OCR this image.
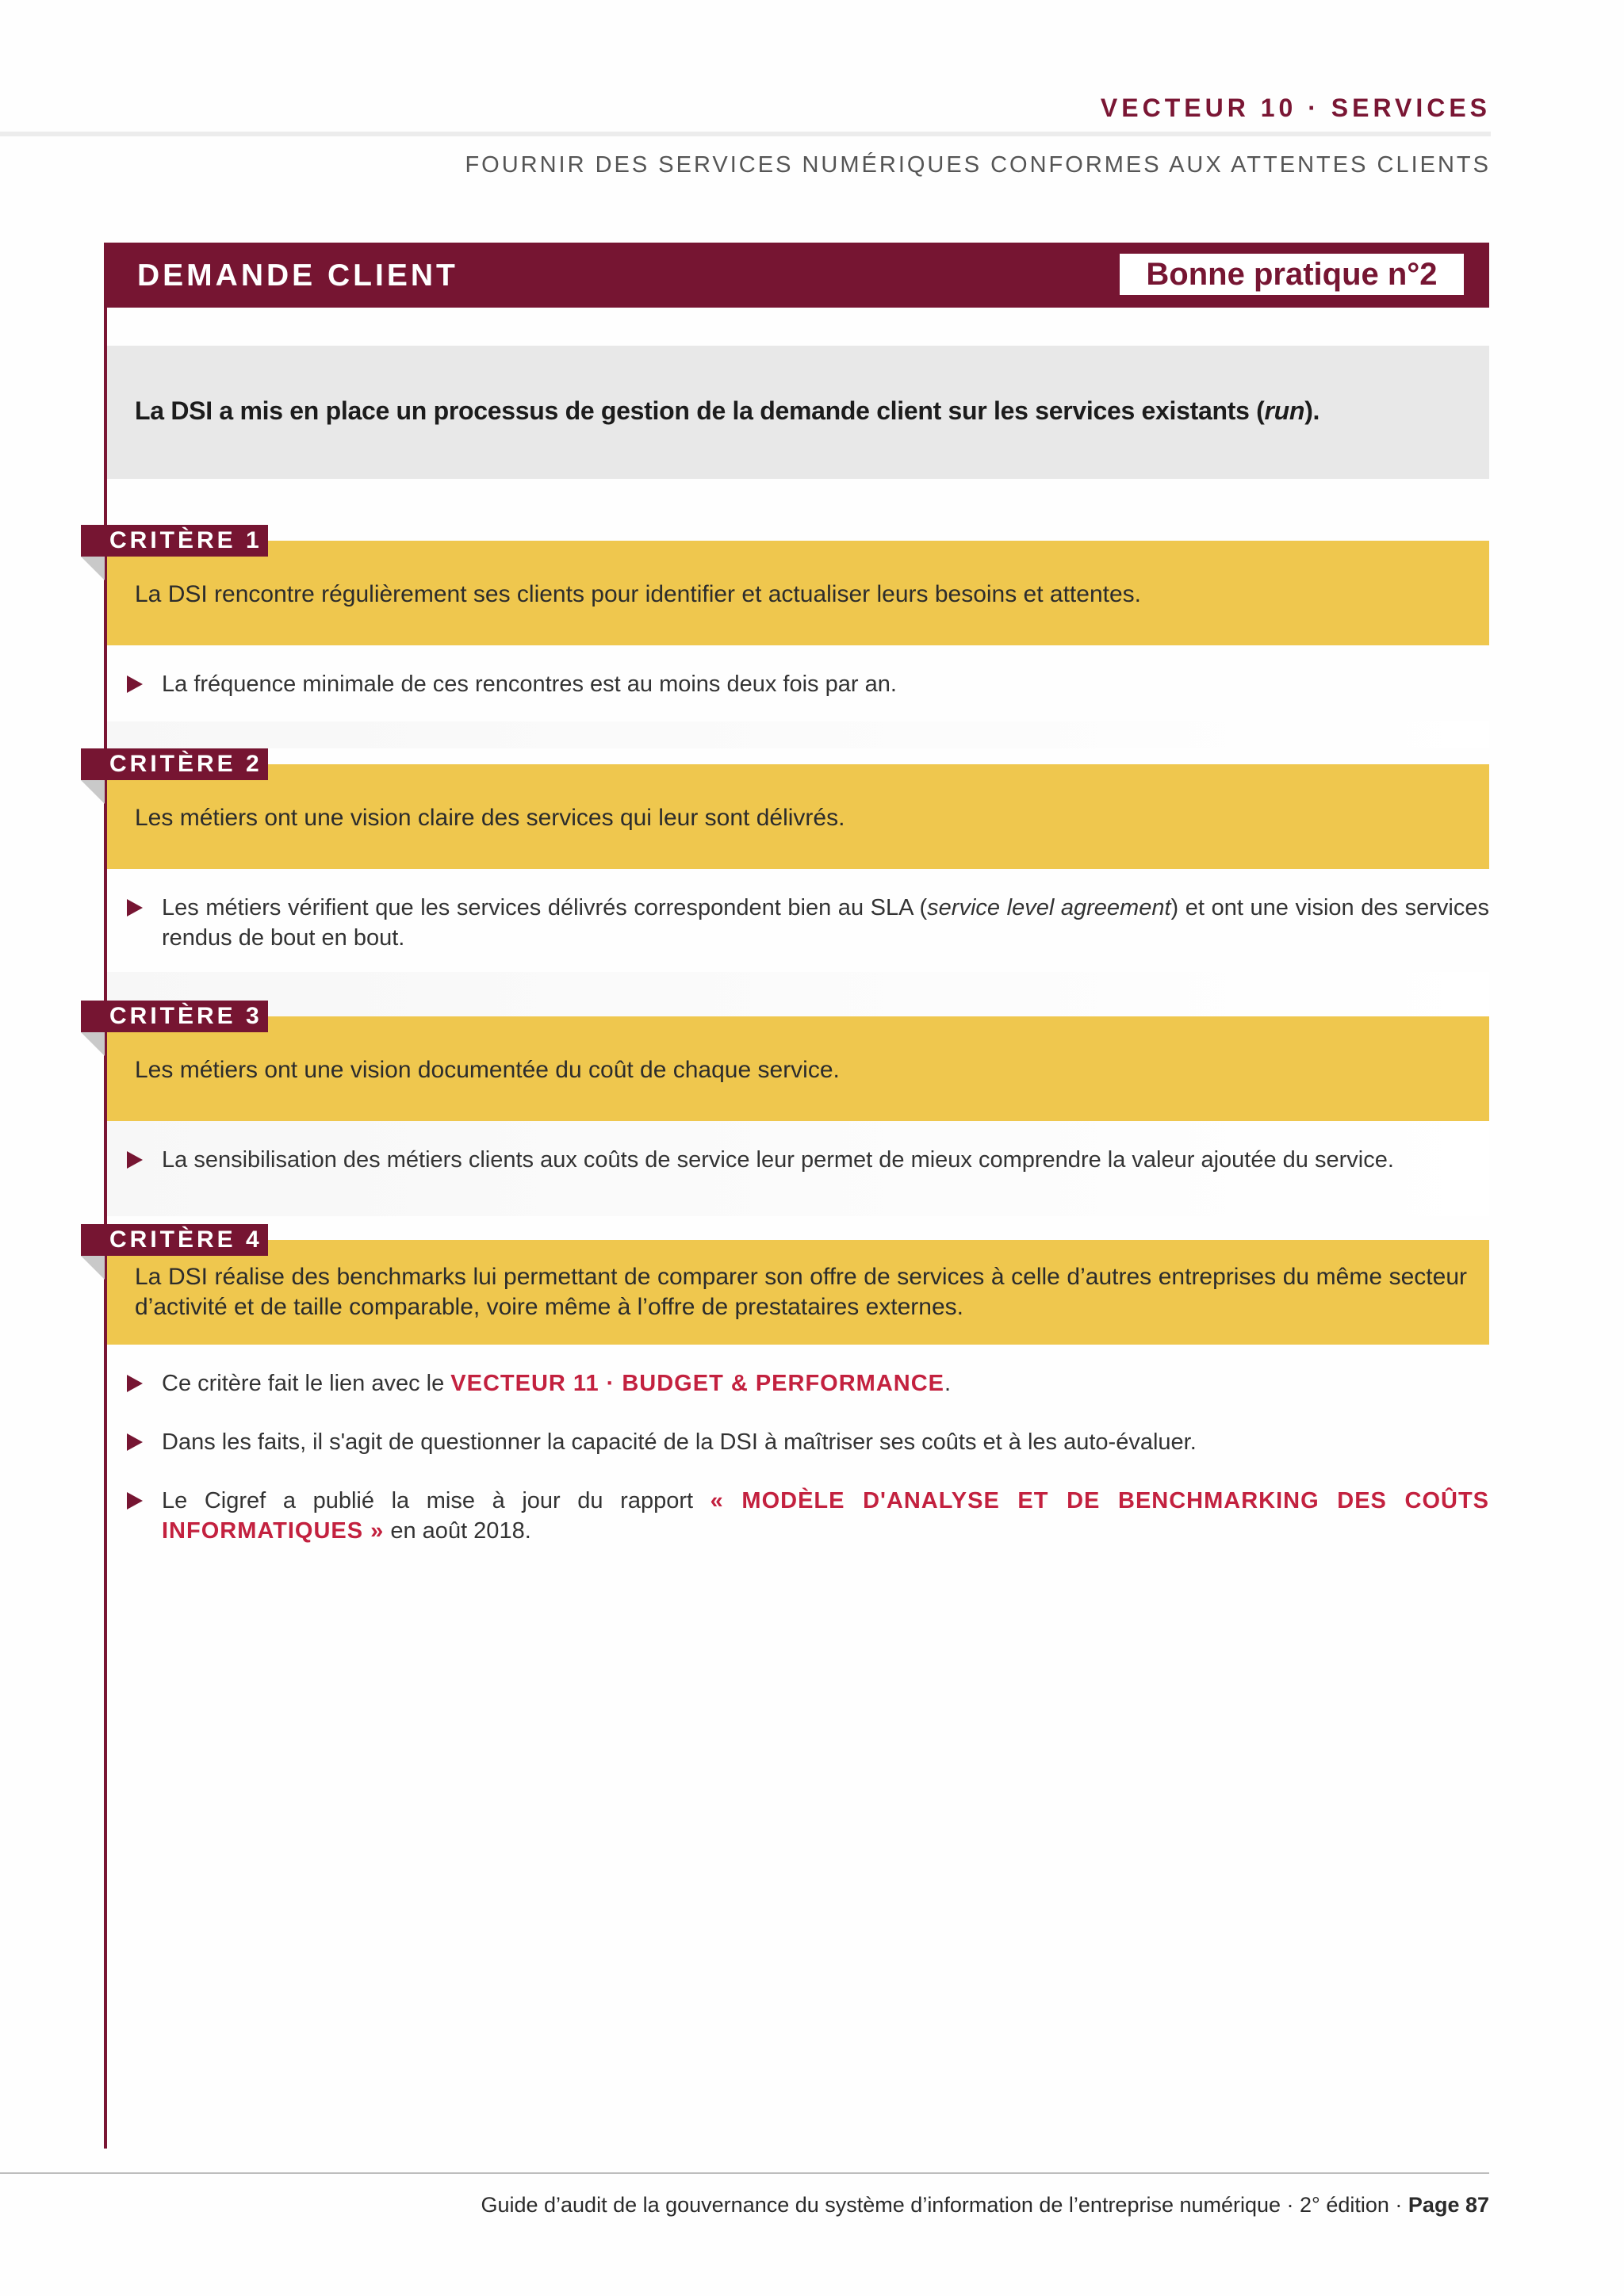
VECTEUR 10 · SERVICES
FOURNIR DES SERVICES NUMÉRIQUES CONFORMES AUX ATTENTES CLIENTS
DEMANDE CLIENT	Bonne pratique n°2
La DSI a mis en place un processus de gestion de la demande client sur les services existants (run).
CRITÈRE 1
La DSI rencontre régulièrement ses clients pour identifier et actualiser leurs besoins et attentes.
La fréquence minimale de ces rencontres est au moins deux fois par an.
CRITÈRE 2
Les métiers ont une vision claire des services qui leur sont délivrés.
Les métiers vérifient que les services délivrés correspondent bien au SLA (service level agreement) et ont une vision des services rendus de bout en bout.
CRITÈRE 3
Les métiers ont une vision documentée du coût de chaque service.
La sensibilisation des métiers clients aux coûts de service leur permet de mieux comprendre la valeur ajoutée du service.
CRITÈRE 4
La DSI réalise des benchmarks lui permettant de comparer son offre de services à celle d’autres entreprises du même secteur d’activité et de taille comparable, voire même à l’offre de prestataires externes.
Ce critère fait le lien avec le VECTEUR 11 · BUDGET & PERFORMANCE.
Dans les faits, il s'agit de questionner la capacité de la DSI à maîtriser ses coûts et à les auto-évaluer.
Le Cigref a publié la mise à jour du rapport « MODÈLE D'ANALYSE ET DE BENCHMARKING DES COÛTS INFORMATIQUES » en août 2018.
Guide d’audit de la gouvernance du système d’information de l’entreprise numérique · 2° édition · Page 87
